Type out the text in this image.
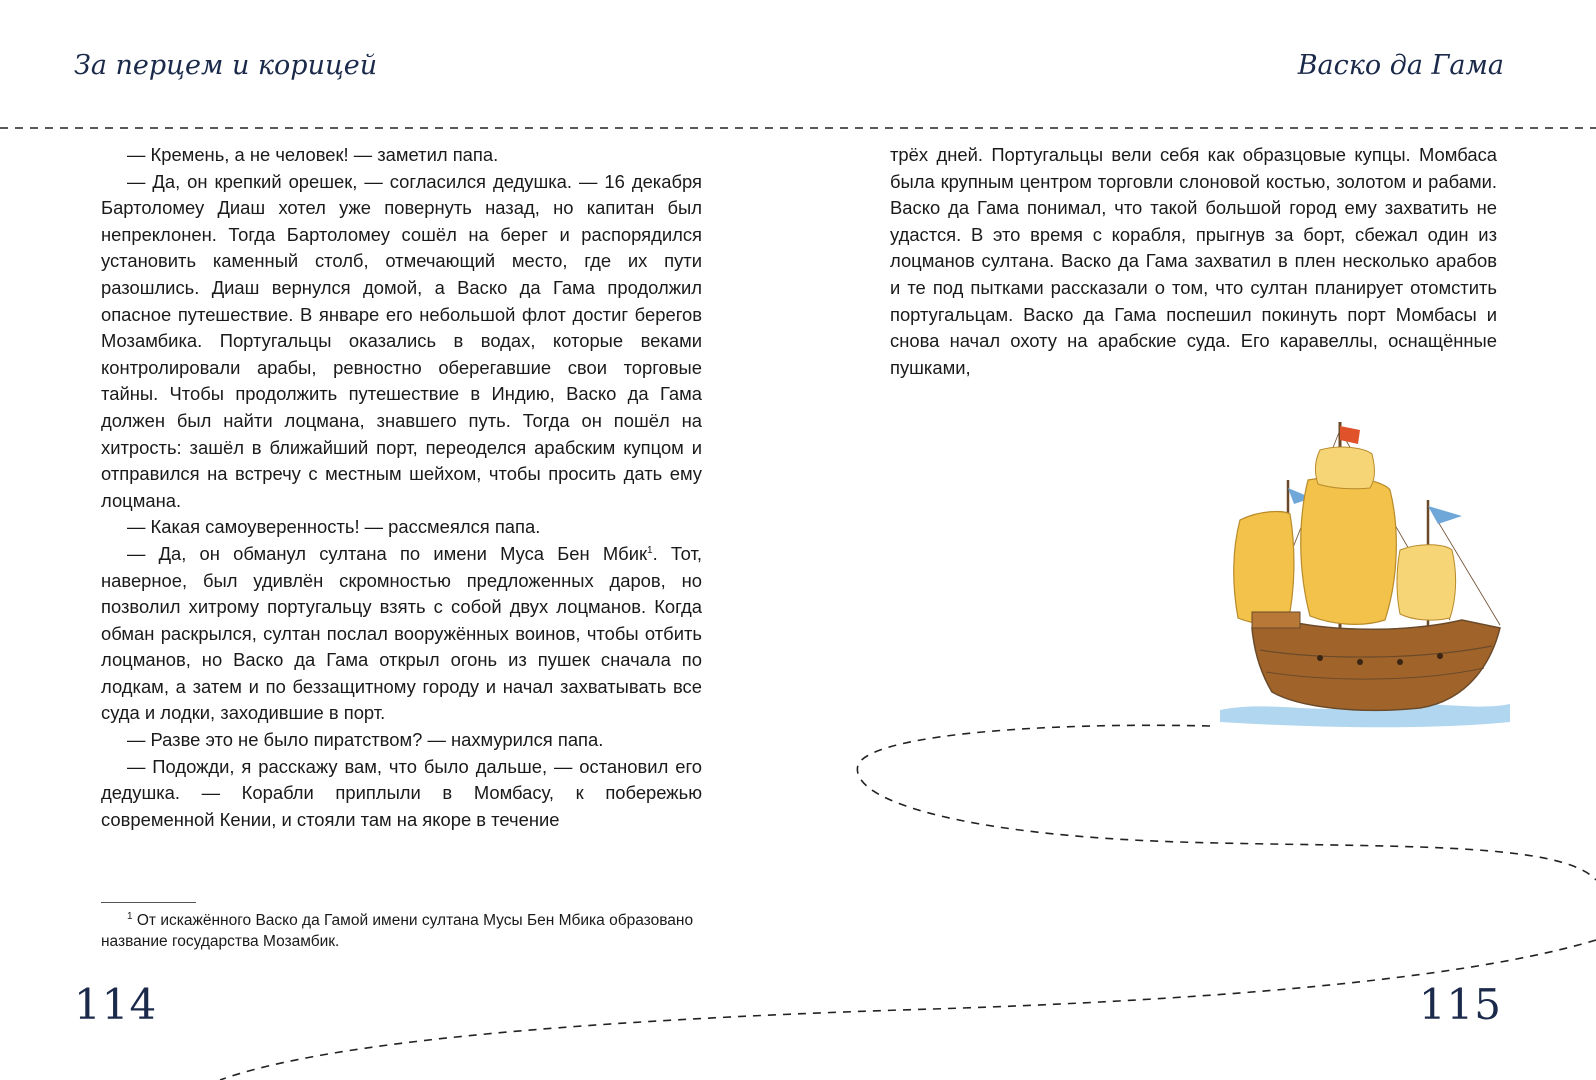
За перцем и корицей	Васко да Гама

— Кремень, а не человек! — заметил папа.

— Да, он крепкий орешек, — согласился дедушка. — 16 декабря Бартоломеу Диаш хотел уже повернуть назад, но капитан был непреклонен. Тогда Бартоломеу сошёл на берег и распорядился установить каменный столб, отмечающий место, где их пути разошлись. Диаш вернулся домой, а Васко да Гама продолжил опасное путешествие. В январе его небольшой флот достиг берегов Мозамбика. Португальцы оказались в водах, которые веками контролировали арабы, ревностно оберегавшие свои торговые тайны. Чтобы продолжить путешествие в Индию, Васко да Гама должен был найти лоцмана, знавшего путь. Тогда он пошёл на хитрость: зашёл в ближайший порт, переоделся арабским купцом и отправился на встречу с местным шейхом, чтобы просить дать ему лоцмана.

— Какая самоуверенность! — рассмеялся папа.

— Да, он обманул султана по имени Муса Бен Мбик$^1$. Тот, наверное, был удивлён скромностью предложенных даров, но позволил хитрому португальцу взять с собой двух лоцманов. Когда обман раскрылся, султан послал вооружённых воинов, чтобы отбить лоцманов, но Васко да Гама открыл огонь из пушек сначала по лодкам, а затем и по беззащитному городу и начал захватывать все суда и лодки, заходившие в порт.

— Разве это не было пиратством? — нахмурился папа.

— Подожди, я расскажу вам, что было дальше, — остановил его дедушка. — Корабли приплыли в Момбасу, к побережью современной Кении, и стояли там на якоре в течение

$^1$ От искажённого Васко да Гамой имени султана Мусы Бен Мбика образовано название государства Мозамбик.

трёх дней. Португальцы вели себя как образцовые купцы. Момбаса была крупным центром торговли слоновой костью, золотом и рабами. Васко да Гама понимал, что такой большой город ему захватить не удастся. В это время с корабля, прыгнув за борт, сбежал один из лоцманов султана. Васко да Гама захватил в плен несколько арабов и те под пытками рассказали о том, что султан планирует отомстить португальцам. Васко да Гама поспешил покинуть порт Момбасы и снова начал охоту на арабские суда. Его каравеллы, оснащённые пушками,

114	115
